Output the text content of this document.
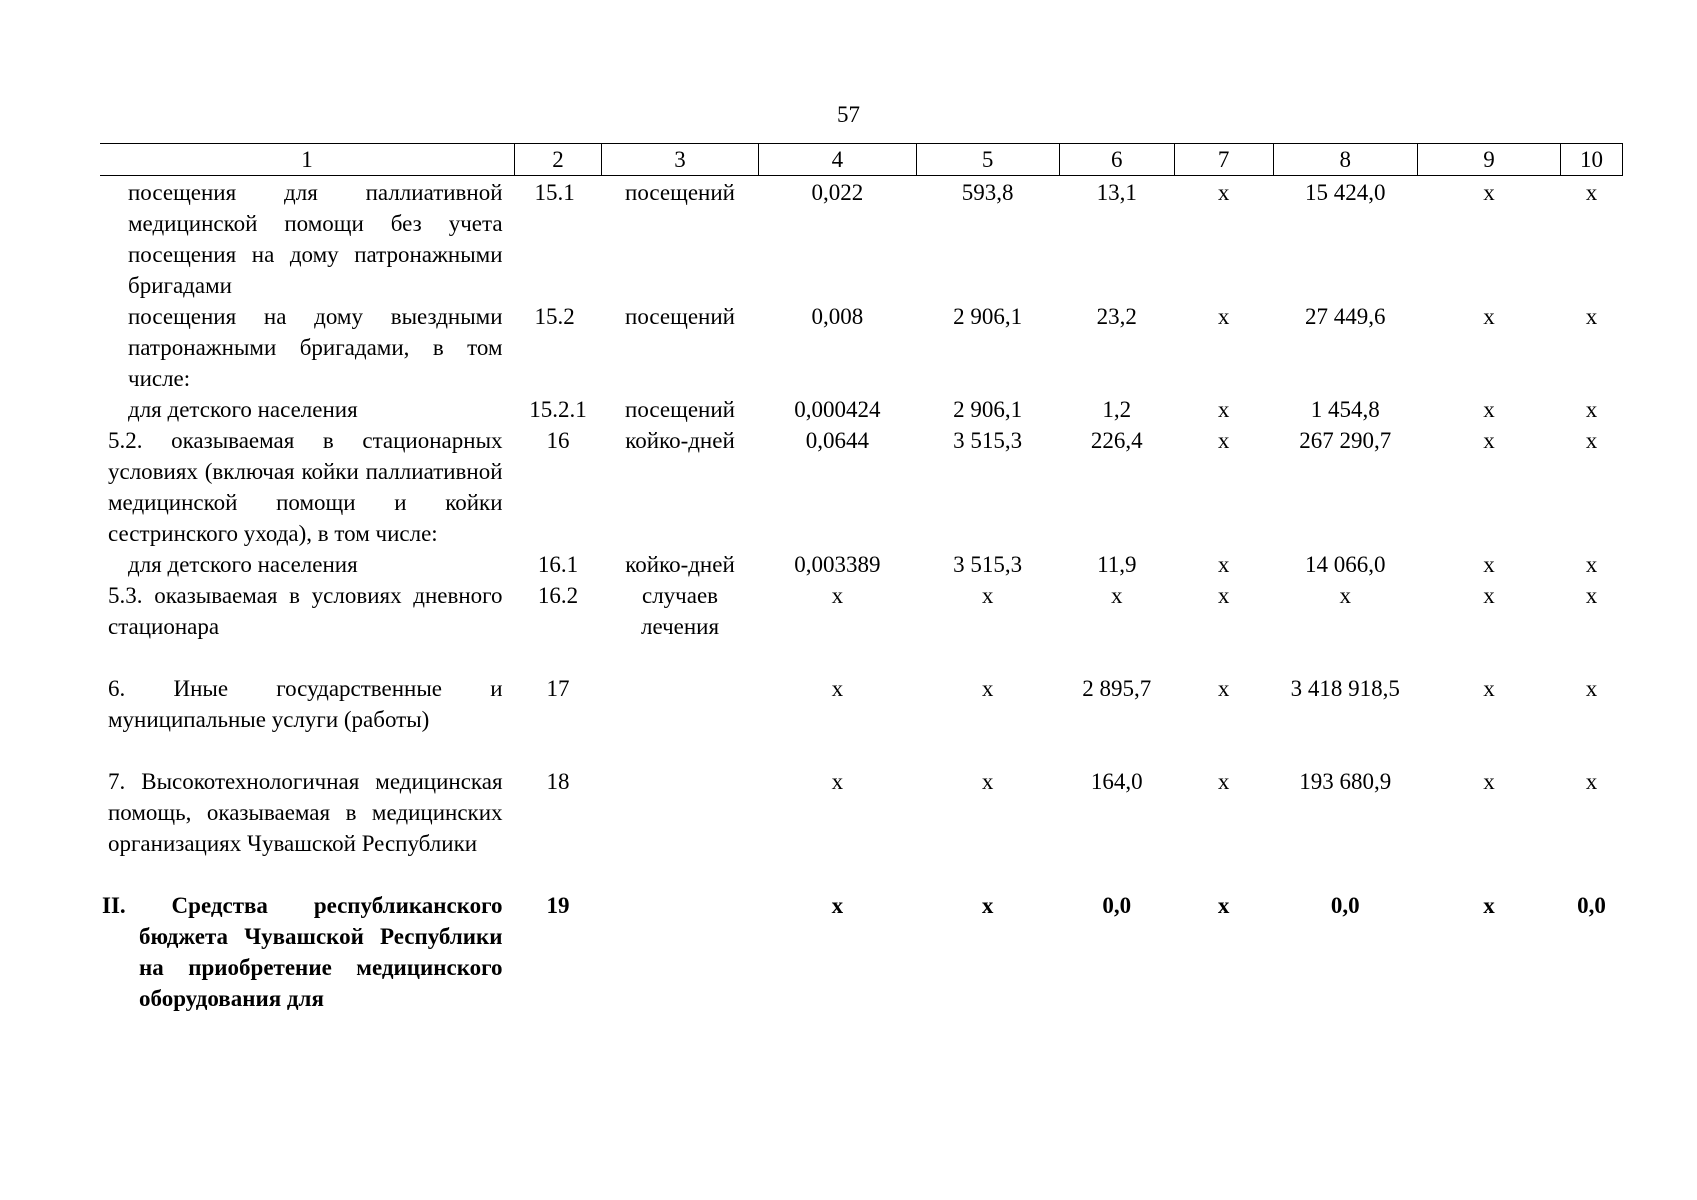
57
1	2	3	4	5	6	7	8	9	10
посещения для паллиативной медицинской помощи без учета посещения на дому патронажными бригадами	15.1	посещений	0,022	593,8	13,1	х	15 424,0	х	х
посещения на дому выездными патронажными бригадами, в том числе:	15.2	посещений	0,008	2 906,1	23,2	х	27 449,6	х	х
для детского населения	15.2.1	посещений	0,000424	2 906,1	1,2	х	1 454,8	х	х
5.2. оказываемая в стационарных условиях (включая койки паллиативной медицинской помощи и койки сестринского ухода), в том числе:	16	койко-дней	0,0644	3 515,3	226,4	х	267 290,7	х	х
для детского населения	16.1	койко-дней	0,003389	3 515,3	11,9	х	14 066,0	х	х
5.3. оказываемая в условиях дневного стационара	16.2	случаев лечения	х	х	х	х	х	х	х
6. Иные государственные и муниципальные услуги (работы)	17		х	х	2 895,7	х	3 418 918,5	х	х
7. Высокотехнологичная медицинская помощь, оказываемая в медицинских организациях Чувашской Республики	18		х	х	164,0	х	193 680,9	х	х
II. Средства республиканского бюджета Чувашской Республики на приобретение медицинского оборудования для	19		х	х	0,0	х	0,0	х	0,0
